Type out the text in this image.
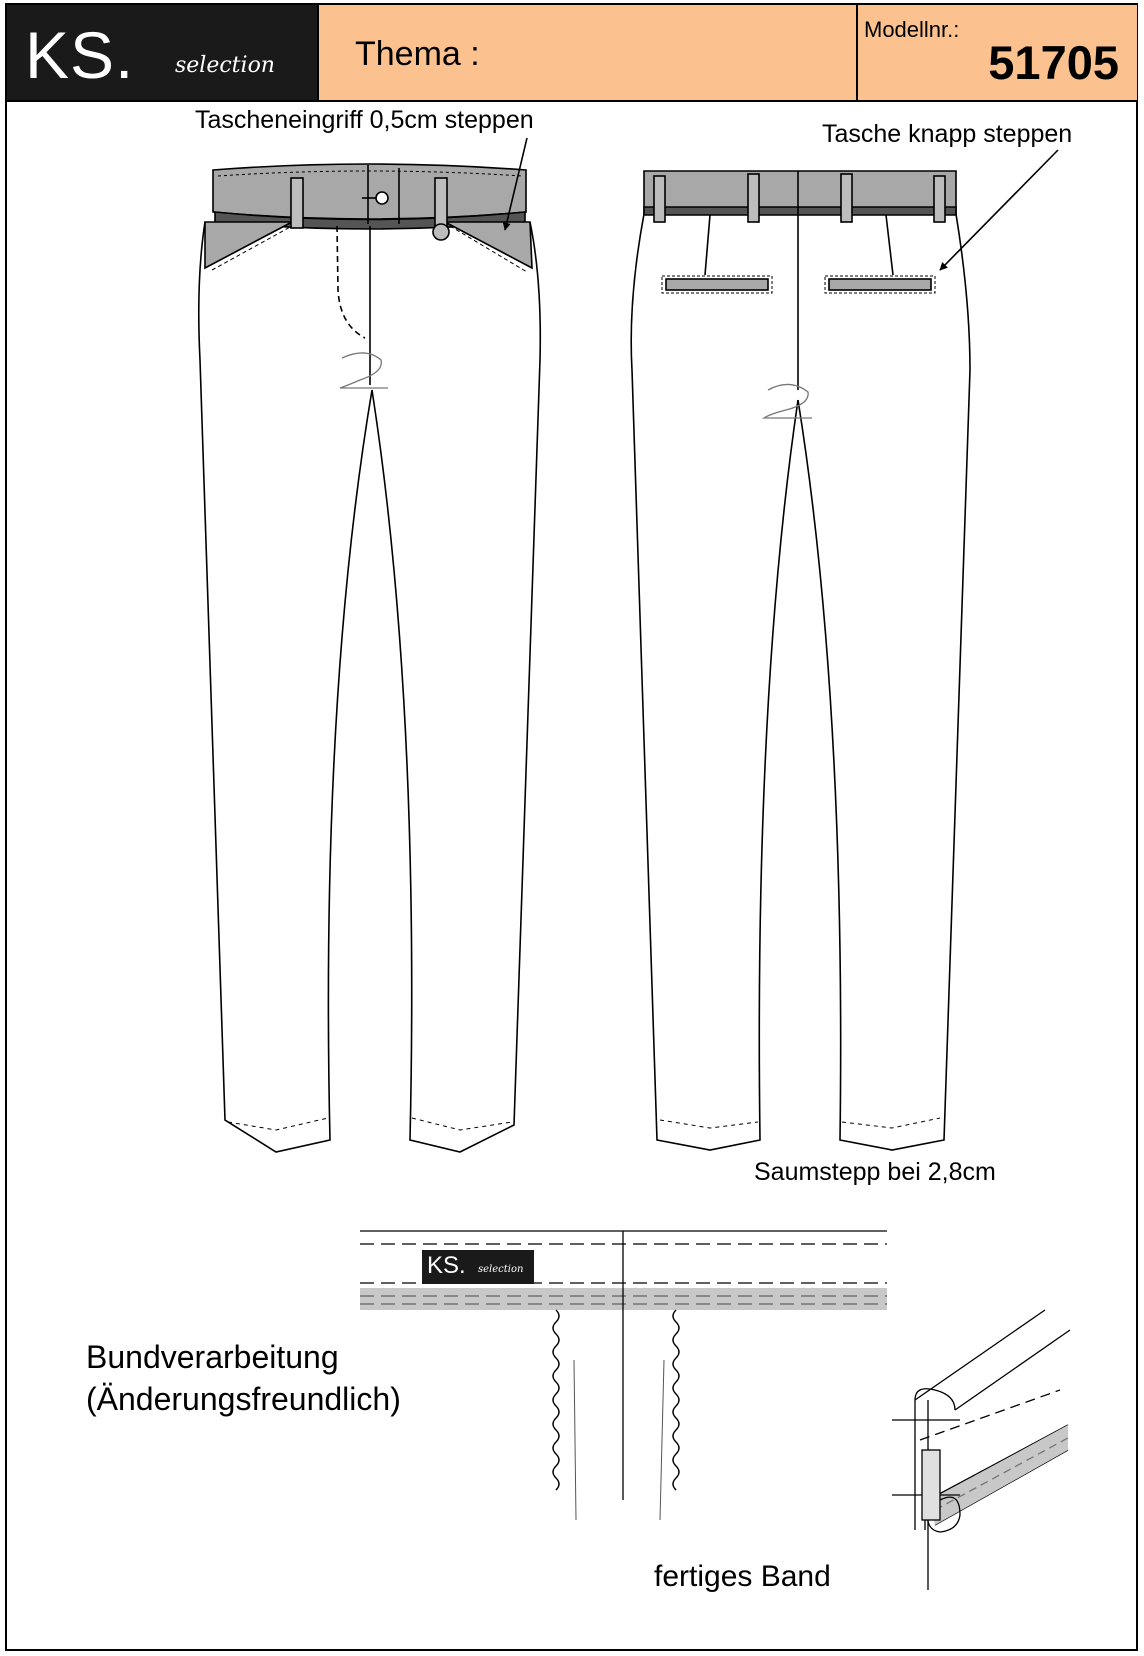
KS. selection Thema :
Modellnr.:
51705
Tascheneingriff 0,5cm steppen	Tasche knapp steppen
Saumstepp bei 2,8cm
KS. selection
Bundverarbeitung
(Änderungsfreundlich)
fertiges Band
